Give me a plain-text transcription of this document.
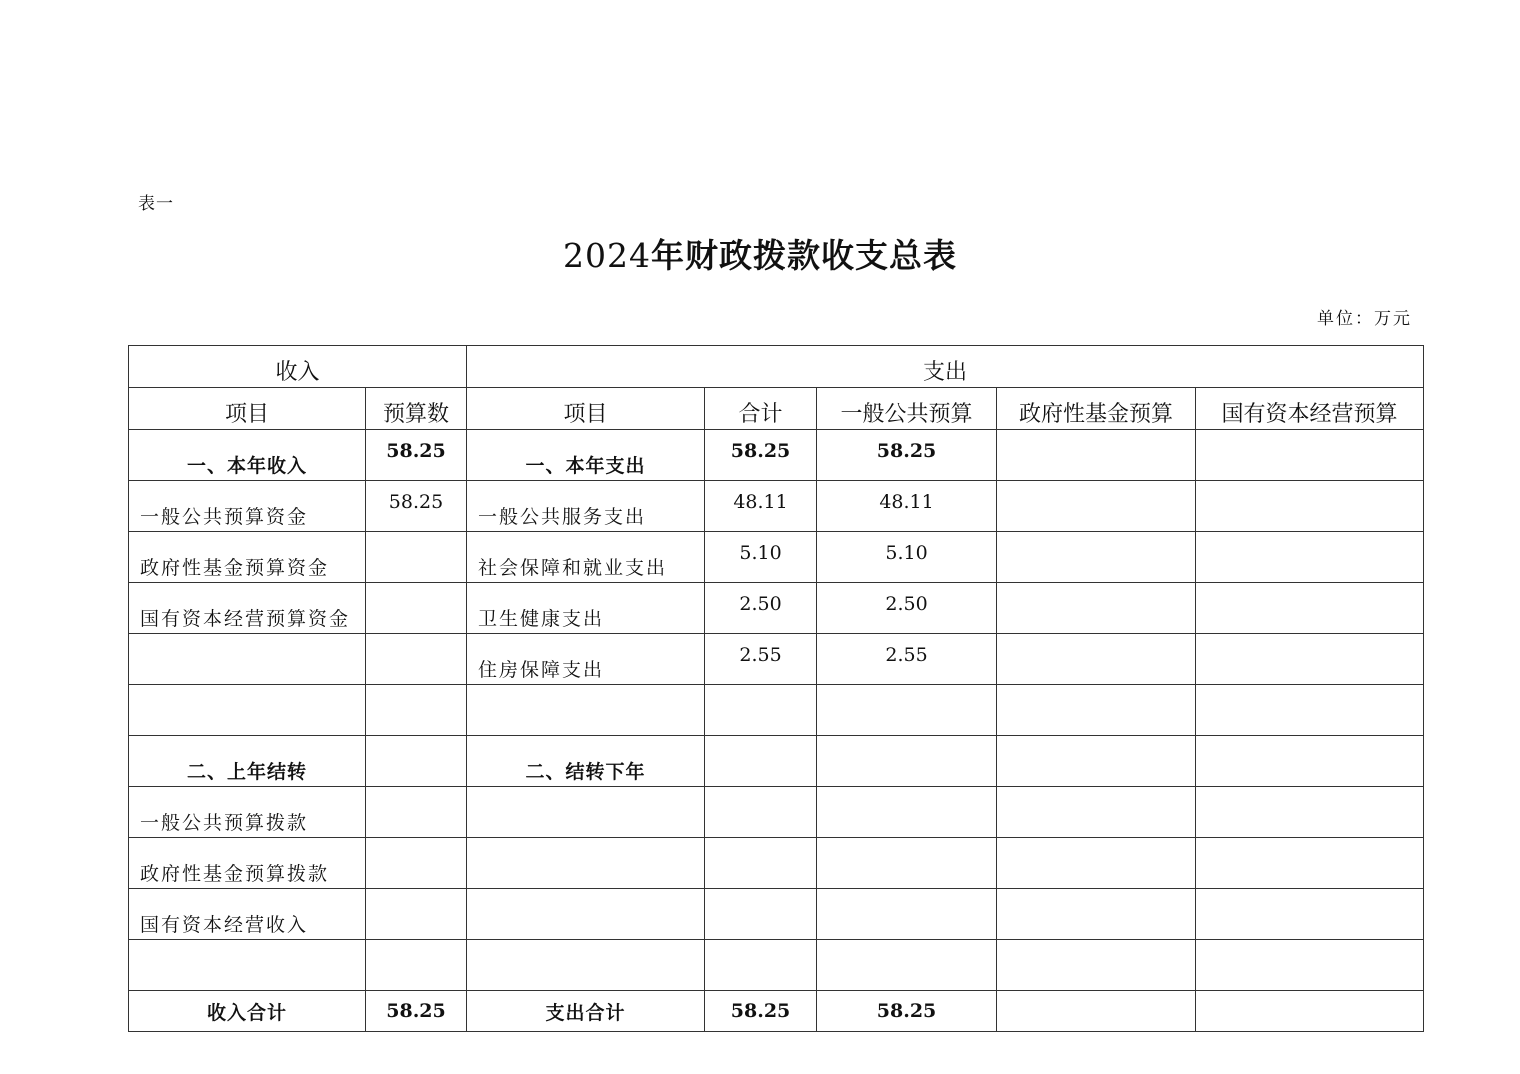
表一
2024年财政拨款收支总表
单位：万元
收入		支出				
项目	预算数	项目	合计	一般公共预算	政府性基金预算	国有资本经营预算
一、本年收入	58.25	一、本年支出	58.25	58.25		
一般公共预算资金	58.25	一般公共服务支出	48.11	48.11		
政府性基金预算资金		社会保障和就业支出	5.10	5.10		
国有资本经营预算资金		卫生健康支出	2.50	2.50		
		住房保障支出	2.55	2.55		

二、上年结转		二、结转下年				
一般公共预算拨款						
政府性基金预算拨款						
国有资本经营收入						

收入合计	58.25	支出合计	58.25	58.25		
